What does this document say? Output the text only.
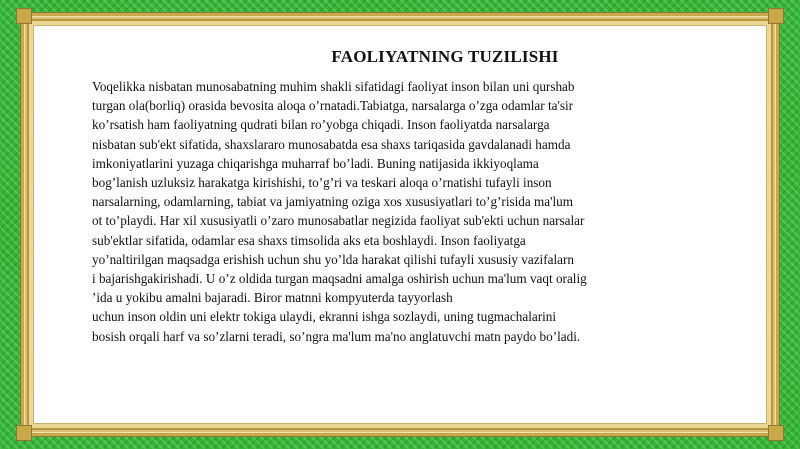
FAOLIYATNING TUZILISHI
Voqelikka nisbatan munosabatning muhim shakli sifatidagi faoliyat inson bilan uni qurshab
turgan ola(borliq) orasida bevosita aloqa o’rnatadi.Tabiatga, narsalarga o’zga odamlar ta'sir
ko’rsatish ham faoliyatning qudrati bilan ro’yobga chiqadi. Inson faoliyatda narsalarga
nisbatan sub'ekt sifatida, shaxslararo munosabatda esa shaxs tariqasida gavdalanadi hamda
imkoniyatlarini yuzaga chiqarishga muharraf bo’ladi. Buning natijasida ikkiyoqlama
bog’lanish uzluksiz harakatga kirishishi, to’g’ri va teskari aloqa o’rnatishi tufayli inson
narsalarning, odamlarning, tabiat va jamiyatning oziga xos xususiyatlari to’g’risida ma'lum
ot to’playdi. Har xil xususiyatli o’zaro munosabatlar negizida faoliyat sub'ekti uchun narsalar
sub'ektlar sifatida, odamlar esa shaxs timsolida aks eta boshlaydi. Inson faoliyatga
yo’naltirilgan maqsadga erishish uchun shu yo’lda harakat qilishi tufayli xususiy vazifalarn
i bajarishgakirishadi. U o’z oldida turgan maqsadni amalga oshirish uchun ma'lum vaqt oralig
’ida u yokibu amalni bajaradi. Biror matnni kompyuterda tayyorlash
uchun inson oldin uni elektr tokiga ulaydi, ekranni ishga sozlaydi, uning tugmachalarini
bosish orqali harf va so’zlarni teradi, so’ngra ma'lum ma'no anglatuvchi matn paydo bo’ladi.
